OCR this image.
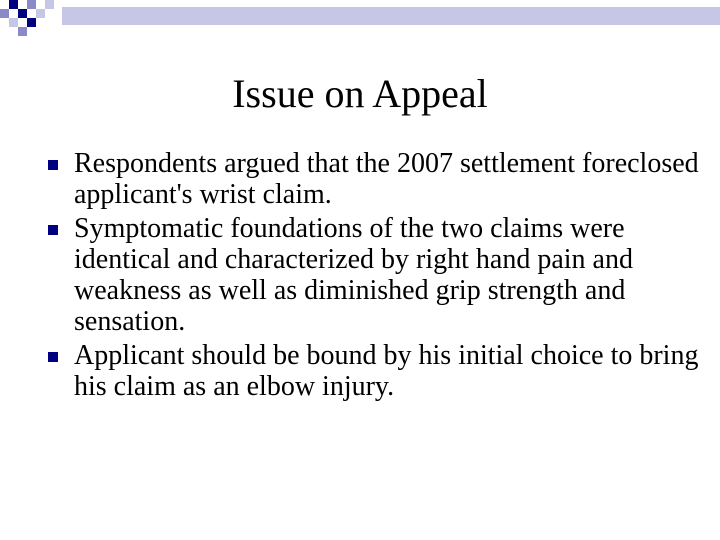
Issue on Appeal
Respondents argued that the 2007 settlement foreclosed applicant's wrist claim.
Symptomatic foundations of the two claims were identical and characterized by right hand pain and weakness as well as diminished grip strength and sensation.
Applicant should be bound by his initial choice to bring his claim as an elbow injury.
